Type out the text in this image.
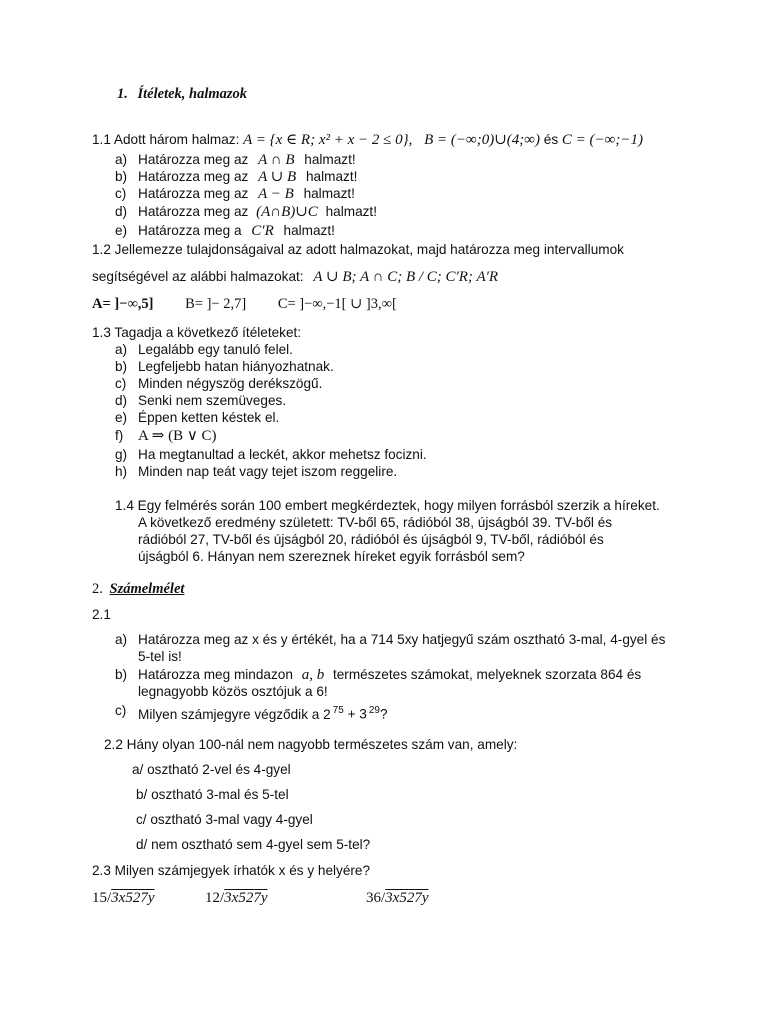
1. Ítéletek, halmazok
1.1 Adott három halmaz: A = {x ∈ R; x² + x − 2 ≤ 0}, B = (−∞;0)∪(4;∞) és C = (−∞;−1)
a) Határozza meg az A ∩ B halmazt!
b) Határozza meg az A ∪ B halmazt!
c) Határozza meg az A − B halmazt!
d) Határozza meg az (A∩B)∪C halmazt!
e) Határozza meg a C′R halmazt!
1.2 Jellemezze tulajdonságaival az adott halmazokat, majd határozza meg intervallumok
segítségével az alábbi halmazokat: A ∪ B; A ∩ C; B / C; C′R; A′R
A= ]−∞,5] B= ]− 2,7] C= ]−∞,−1[ ∪ ]3,∞[
1.3 Tagadja a következő ítéleteket:
a) Legalább egy tanuló felel.
b) Legfeljebb hatan hiányozhatnak.
c) Minden négyszög derékszögű.
d) Senki nem szemüveges.
e) Éppen ketten késtek el.
f) A ⇒ (B ∨ C)
g) Ha megtanultad a leckét, akkor mehetsz focizni.
h) Minden nap teát vagy tejet iszom reggelire.
1.4 Egy felmérés során 100 embert megkérdeztek, hogy milyen forrásból szerzik a híreket.
A következő eredmény született: TV-ből 65, rádióból 38, újságból 39. TV-ből és
rádióból 27, TV-ből és újságból 20, rádióból és újságból 9, TV-ből, rádióból és
újságból 6. Hányan nem szereznek híreket egyik forrásból sem?
2. Számelmélet
2.1
a) Határozza meg az x és y értékét, ha a 714 5xy hatjegyű szám osztható 3-mal, 4-gyel és
5-tel is!
b) Határozza meg mindazon a, b természetes számokat, melyeknek szorzata 864 és
legnagyobb közös osztójuk a 6!
c) Milyen számjegyre végződik a 2 $^{75}$ + 3 $^{29}$?
2.2 Hány olyan 100-nál nem nagyobb természetes szám van, amely:
a/ osztható 2-vel és 4-gyel
b/ osztható 3-mal és 5-tel
c/ osztható 3-mal vagy 4-gyel
d/ nem osztható sem 4-gyel sem 5-tel?
2.3 Milyen számjegyek írhatók x és y helyére?
15/3x527y	12/3x527y	36/3x527y
